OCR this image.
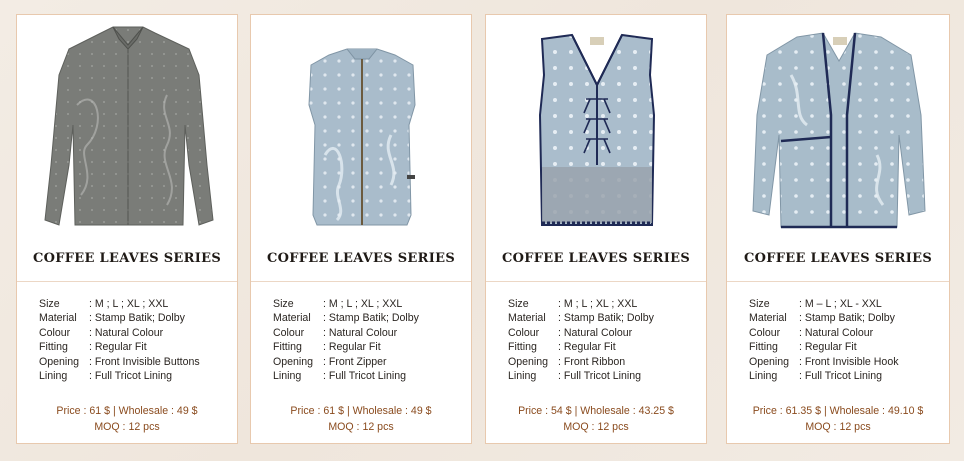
COFFEE LEAVES SERIES
Size	: M ; L ; XL ; XXL
Material	: Stamp Batik; Dolby
Colour	: Natural Colour
Fitting	: Regular Fit
Opening : Front Invisible Buttons
Lining	: Full Tricot Lining
Price : 61 $ | Wholesale : 49 $
MOQ : 12 pcs
COFFEE LEAVES SERIES
Size	: M ; L ; XL ; XXL
Material	: Stamp Batik; Dolby
Colour	: Natural Colour
Fitting	: Regular Fit
Opening : Front Zipper
Lining	: Full Tricot Lining
Price : 61 $ | Wholesale : 49 $
MOQ : 12 pcs
COFFEE LEAVES SERIES
Size	: M ; L ; XL ; XXL
Material	: Stamp Batik; Dolby
Colour	: Natural Colour
Fitting	: Regular Fit
Opening : Front Ribbon
Lining	: Full Tricot Lining
Price : 54 $ | Wholesale : 43.25 $
MOQ : 12 pcs
COFFEE LEAVES SERIES
Size	: M – L ; XL - XXL
Material	: Stamp Batik; Dolby
Colour	: Natural Colour
Fitting	: Regular Fit
Opening : Front Invisible Hook
Lining	: Full Tricot Lining
Price : 61.35 $ | Wholesale : 49.10 $
MOQ : 12 pcs
